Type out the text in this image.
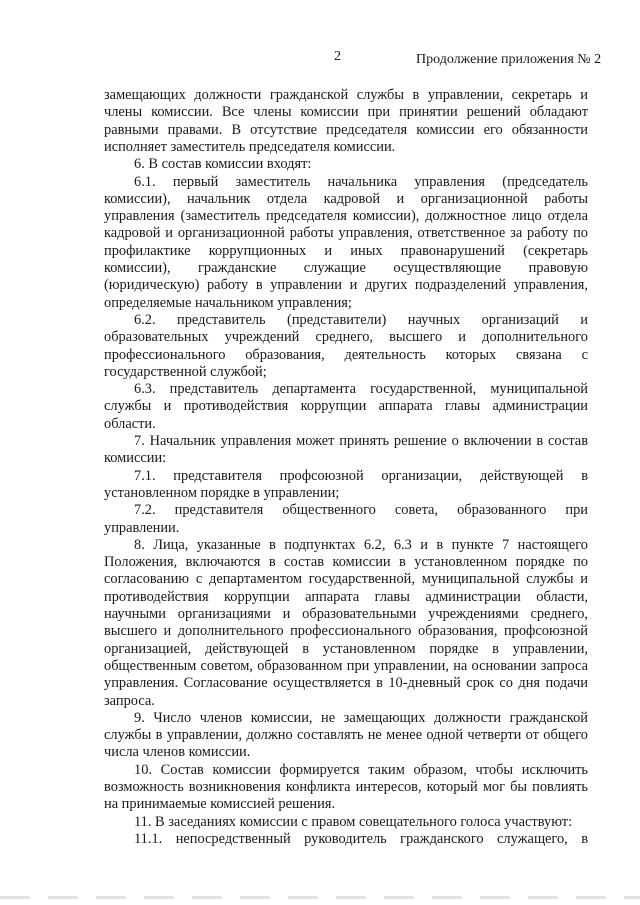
2	Продолжение приложения № 2
замещающих должности гражданской службы в управлении, секретарь и
члены комиссии. Все члены комиссии при принятии решений обладают
равными правами. В отсутствие председателя комиссии его обязанности
исполняет заместитель председателя комиссии.
6. В состав комиссии входят:
6.1. первый заместитель начальника управления (председатель
комиссии), начальник отдела кадровой и организационной работы
управления (заместитель председателя комиссии), должностное лицо отдела
кадровой и организационной работы управления, ответственное за работу по
профилактике коррупционных и иных правонарушений (секретарь
комиссии), гражданские служащие осуществляющие правовую
(юридическую) работу в управлении и других подразделений управления,
определяемые начальником управления;
6.2. представитель (представители) научных организаций и
образовательных учреждений среднего, высшего и дополнительного
профессионального образования, деятельность которых связана с
государственной службой;
6.3. представитель департамента государственной, муниципальной
службы и противодействия коррупции аппарата главы администрации
области.
7. Начальник управления может принять решение о включении в состав
комиссии:
7.1. представителя профсоюзной организации, действующей в
установленном порядке в управлении;
7.2. представителя общественного совета, образованного при
управлении.
8. Лица, указанные в подпунктах 6.2, 6.3 и в пункте 7 настоящего
Положения, включаются в состав комиссии в установленном порядке по
согласованию с департаментом государственной, муниципальной службы и
противодействия коррупции аппарата главы администрации области,
научными организациями и образовательными учреждениями среднего,
высшего и дополнительного профессионального образования, профсоюзной
организацией, действующей в установленном порядке в управлении,
общественным советом, образованном при управлении, на основании запроса
управления. Согласование осуществляется в 10-дневный срок со дня подачи
запроса.
9. Число членов комиссии, не замещающих должности гражданской
службы в управлении, должно составлять не менее одной четверти от общего
числа членов комиссии.
10. Состав комиссии формируется таким образом, чтобы исключить
возможность возникновения конфликта интересов, который мог бы повлиять
на принимаемые комиссией решения.
11. В заседаниях комиссии с правом совещательного голоса участвуют:
11.1. непосредственный руководитель гражданского служащего, в
